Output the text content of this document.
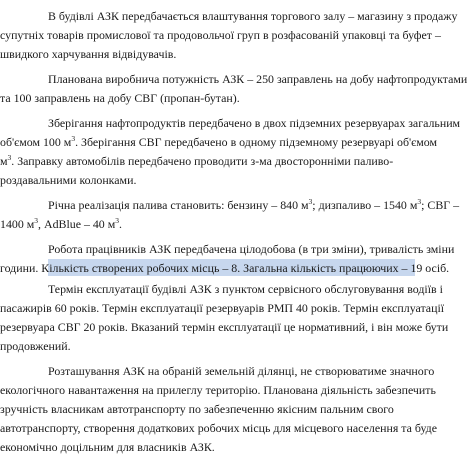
В будівлі АЗК передбачається влаштування торгового залу – магазину з продажу
супутніх товарів промислової та продовольчої груп в розфасованій упаковці та буфет –
швидкого харчування відвідувачів.
Планована виробнича потужність АЗК – 250 заправлень на добу нафтопродуктами
та 100 заправлень на добу СВГ (пропан-бутан).
Зберігання нафтопродуктів передбачено в двох підземних резервуарах загальним
об'ємом 100 $м^3$. Зберігання СВГ передбачено в одному підземному резервуарі об'ємом
$м^3$. Заправку автомобілів передбачено проводити з-ма двосторонніми паливо-
роздавальними колонками.
Річна реалізація палива становить: бензину – 840 $м^3$; дизпаливо – 1540 $м^3$; СВГ –
1400 $м^3$, AdBlue – 40 $м^3$.
Робота працівників АЗК передбачена цілодобова (в три зміни), тривалість зміни
години. Кількість створених робочих місць – 8. Загальна кількість працюючих – 19 осіб.
Термін експлуатації будівлі АЗК з пунктом сервісного обслуговування водіїв і
пасажирів 60 років. Термін експлуатації резервуарів РМП 40 років. Термін експлуатації
резервуара СВГ 20 років. Вказаний термін експлуатації це нормативний, і він може бути
продовжений.
Розташування АЗК на обраній земельній ділянці, не створюватиме значного
екологічного навантаження на прилеглу територію. Планована діяльність забезпечить
зручність власникам автотранспорту по забезпеченню якісним пальним свого
автотранспорту, створення додаткових робочих місць для місцевого населення та буде
економічно доцільним для власників АЗК.
